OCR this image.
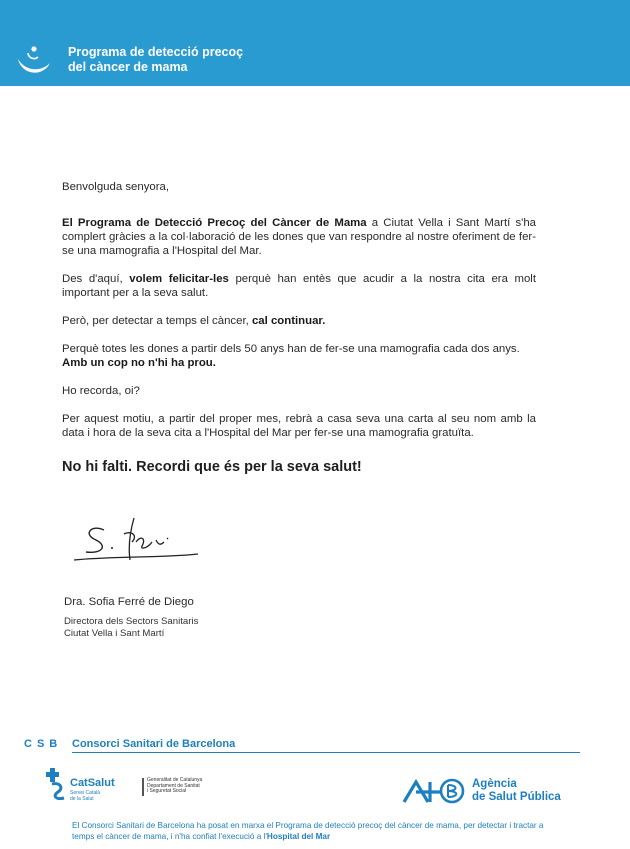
Programa de detecció precoç
del càncer de mama

Benvolguda senyora,

El Programa de Detecció Precoç del Càncer de Mama a Ciutat Vella i Sant Martí s'ha complert gràcies a la col·laboració de les dones que van respondre al nostre oferiment de fer-se una mamografia a l'Hospital del Mar.

Des d'aquí, volem felicitar-les perquè han entès que acudir a la nostra cita era molt important per a la seva salut.

Però, per detectar a temps el càncer, cal continuar.

Perquè totes les dones a partir dels 50 anys han de fer-se una mamografia cada dos anys.
Amb un cop no n'hi ha prou.

Ho recorda, oi?

Per aquest motiu, a partir del proper mes, rebrà a casa seva una carta al seu nom amb la data i hora de la seva cita a l'Hospital del Mar per fer-se una mamografia gratuïta.

No hi falti. Recordi que és per la seva salut!

Dra. Sofia Ferré de Diego
Directora dels Sectors Sanitaris
Ciutat Vella i Sant Martí
CSB Consorci Sanitari de Barcelona
CatSalut
Servei Català
de la Salut
Generalitat de Catalunya
Departament de Sanitat
i Seguretat Social
Agència
de Salut Pública

El Consorci Sanitari de Barcelona ha posat en marxa el Programa de detecció precoç del càncer de mama, per detectar i tractar a temps el càncer de mama, i n'ha confiat l'execució a l'Hospital del Mar
